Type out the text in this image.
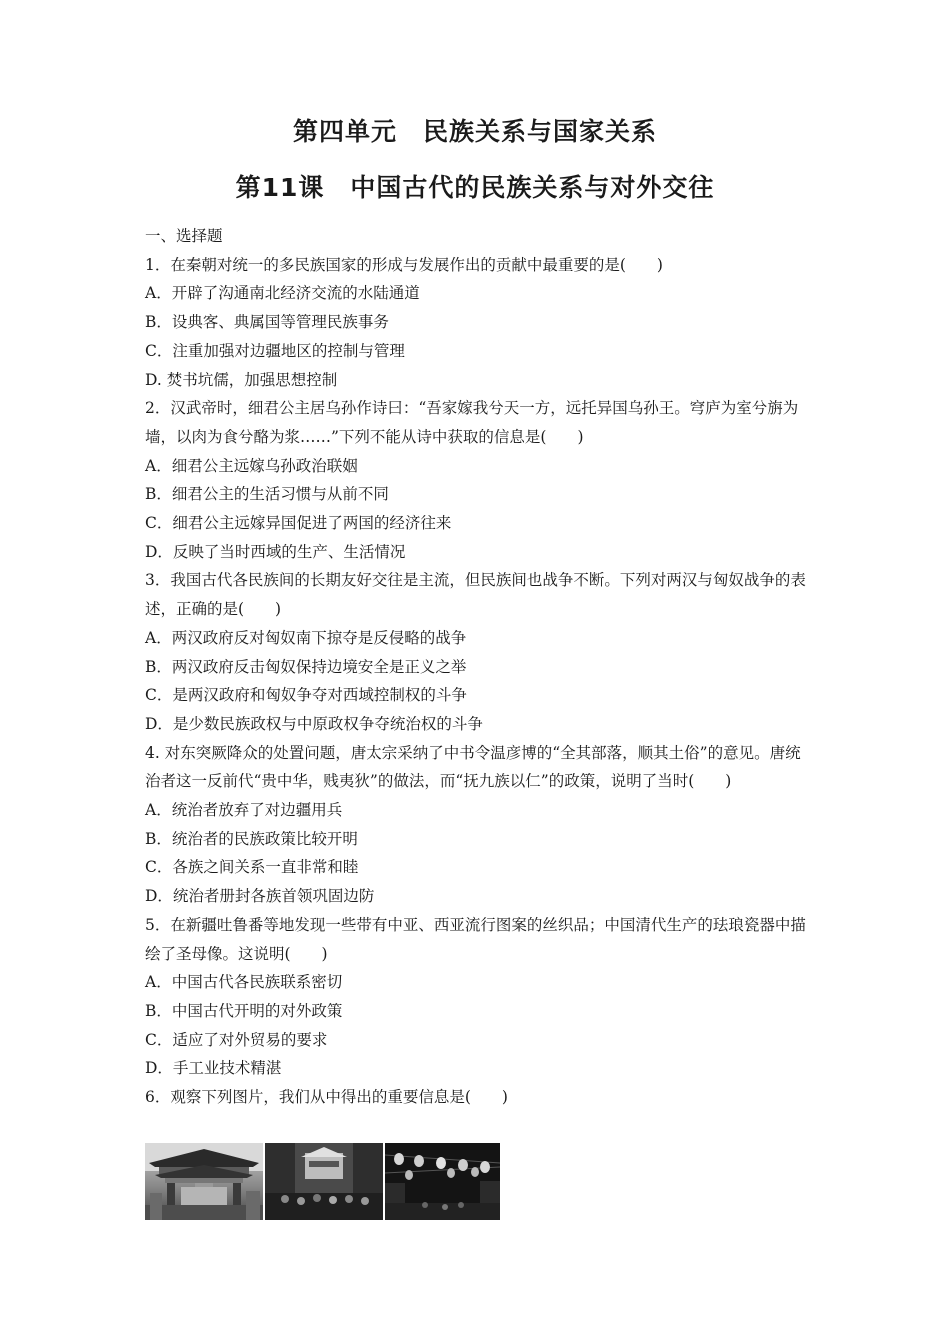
第四单元　民族关系与国家关系
第11课　中国古代的民族关系与对外交往
一、选择题
1．在秦朝对统一的多民族国家的形成与发展作出的贡献中最重要的是(　　)
A．开辟了沟通南北经济交流的水陆通道
B．设典客、典属国等管理民族事务
C．注重加强对边疆地区的控制与管理
D. 焚书坑儒，加强思想控制
2．汉武帝时，细君公主居乌孙作诗曰：“吾家嫁我兮天一方，远托异国乌孙王。穹庐为室兮旃为墙，以肉为食兮酪为浆……”下列不能从诗中获取的信息是(　　)
A．细君公主远嫁乌孙政治联姻
B．细君公主的生活习惯与从前不同
C．细君公主远嫁异国促进了两国的经济往来
D．反映了当时西域的生产、生活情况
3．我国古代各民族间的长期友好交往是主流，但民族间也战争不断。下列对两汉与匈奴战争的表述，正确的是(　　)
A．两汉政府反对匈奴南下掠夺是反侵略的战争
B．两汉政府反击匈奴保持边境安全是正义之举
C．是两汉政府和匈奴争夺对西域控制权的斗争
D．是少数民族政权与中原政权争夺统治权的斗争
4. 对东突厥降众的处置问题，唐太宗采纳了中书令温彦博的“全其部落，顺其土俗”的意见。唐统治者这一反前代“贵中华，贱夷狄”的做法，而“抚九族以仁”的政策，说明了当时(　　)
A．统治者放弃了对边疆用兵
B．统治者的民族政策比较开明
C．各族之间关系一直非常和睦
D．统治者册封各族首领巩固边防
5．在新疆吐鲁番等地发现一些带有中亚、西亚流行图案的丝织品；中国清代生产的珐琅瓷器中描绘了圣母像。这说明(　　)
A．中国古代各民族联系密切
B．中国古代开明的对外政策
C．适应了对外贸易的要求
D．手工业技术精湛
6．观察下列图片，我们从中得出的重要信息是(　　)
